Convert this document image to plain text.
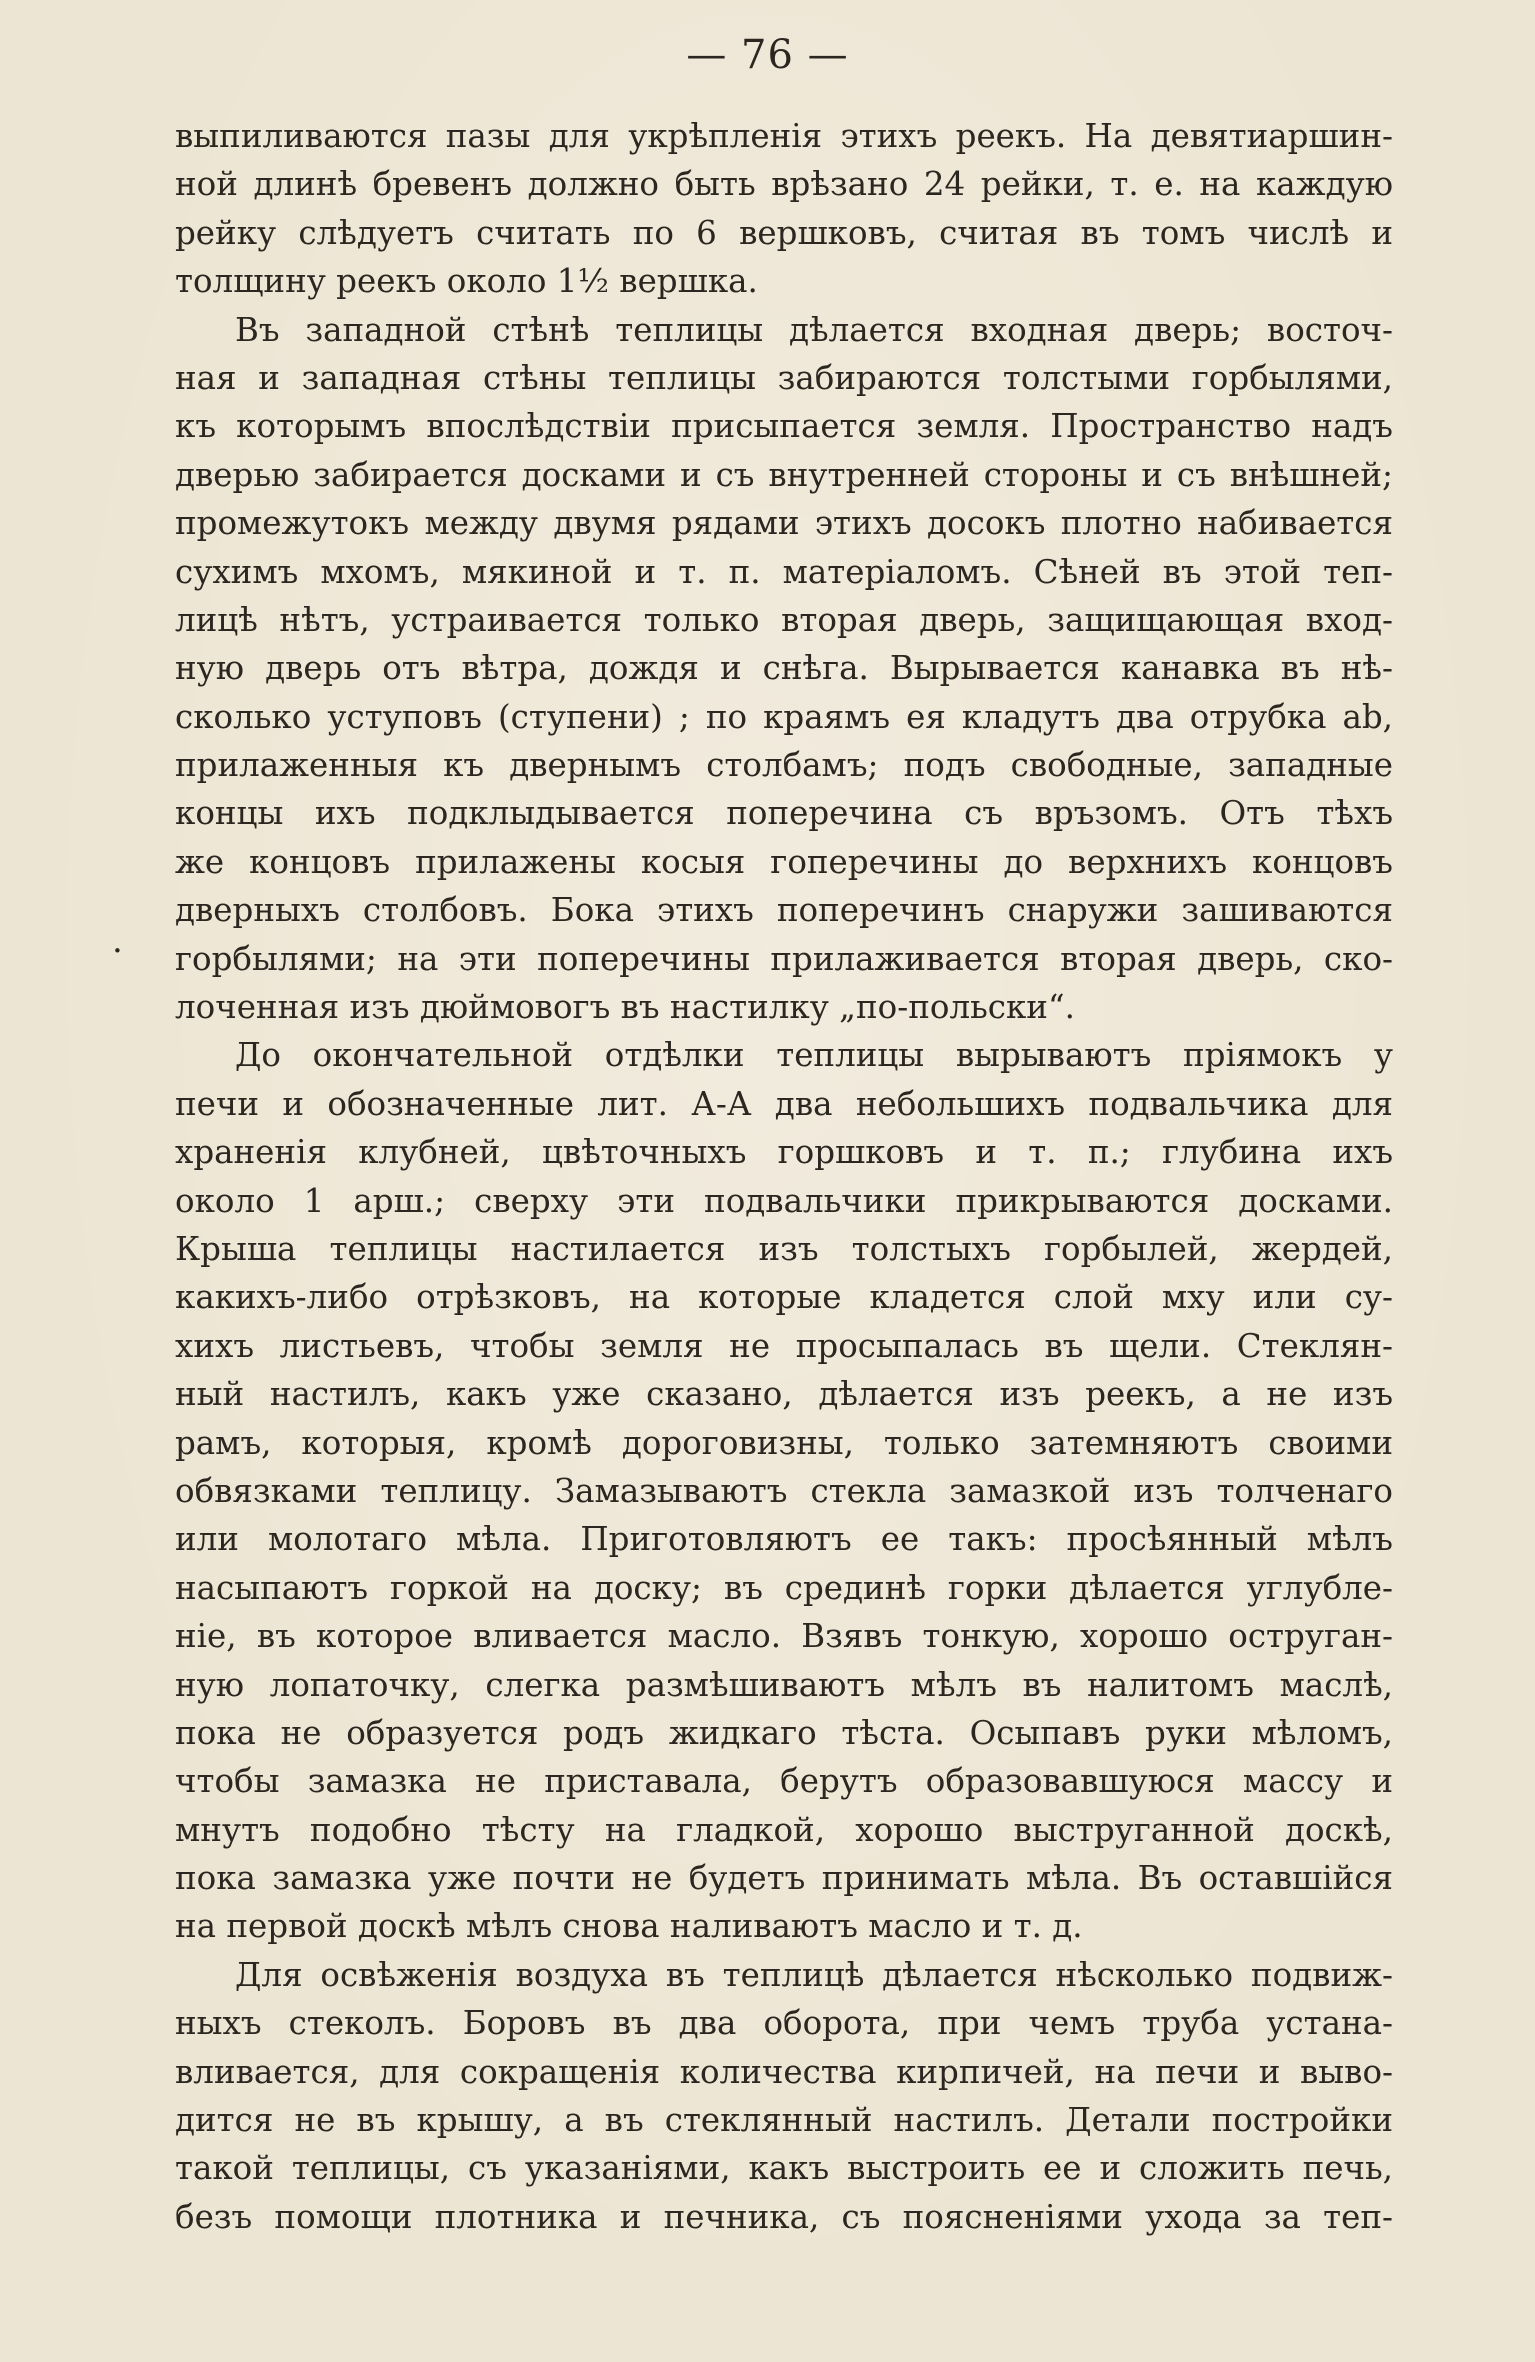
— 76 —
.
выпиливаются пазы для укрѣпленія этихъ реекъ. На девятиаршин-
ной длинѣ бревенъ должно быть врѣзано 24 рейки, т. е. на каждую
рейку слѣдуетъ считать по 6 вершковъ, считая въ томъ числѣ и
толщину реекъ около 1½ вершка.
Въ западной стѣнѣ теплицы дѣлается входная дверь; восточ-
ная и западная стѣны теплицы забираются толстыми горбылями,
къ которымъ впослѣдствіи присыпается земля. Пространство надъ
дверью забирается досками и съ внутренней стороны и съ внѣшней;
промежутокъ между двумя рядами этихъ досокъ плотно набивается
сухимъ мхомъ, мякиной и т. п. матеріаломъ. Сѣней въ этой теп-
лицѣ нѣтъ, устраивается только вторая дверь, защищающая вход-
ную дверь отъ вѣтра, дождя и снѣга. Вырывается канавка въ нѣ-
сколько уступовъ (ступени) ; по краямъ ея кладутъ два отрубка аb,
прилаженныя къ двернымъ столбамъ; подъ свободные, западные
концы ихъ подклыдывается поперечина съ връзомъ. Отъ тѣхъ
же концовъ прилажены косыя гоперечины до верхнихъ концовъ
дверныхъ столбовъ. Бока этихъ поперечинъ снаружи зашиваются
горбылями; на эти поперечины прилаживается вторая дверь, ско-
лоченная изъ дюймовогъ въ настилку „по-польски“.
До окончательной отдѣлки теплицы вырываютъ пріямокъ у
печи и обозначенные лит. А-А два небольшихъ подвальчика для
храненія клубней, цвѣточныхъ горшковъ и т. п.; глубина ихъ
около 1 арш.; сверху эти подвальчики прикрываются досками.
Крыша теплицы настилается изъ толстыхъ горбылей, жердей,
какихъ-либо отрѣзковъ, на которые кладется слой мху или су-
хихъ листьевъ, чтобы земля не просыпалась въ щели. Стеклян-
ный настилъ, какъ уже сказано, дѣлается изъ реекъ, а не изъ
рамъ, которыя, кромѣ дороговизны, только затемняютъ своими
обвязками теплицу. Замазываютъ стекла замазкой изъ толченаго
или молотаго мѣла. Приготовляютъ ее такъ: просѣянный мѣлъ
насыпаютъ горкой на доску; въ срединѣ горки дѣлается углубле-
ніе, въ которое вливается масло. Взявъ тонкую, хорошо оструган-
ную лопаточку, слегка размѣшиваютъ мѣлъ въ налитомъ маслѣ,
пока не образуется родъ жидкаго тѣста. Осыпавъ руки мѣломъ,
чтобы замазка не приставала, берутъ образовавшуюся массу и
мнутъ подобно тѣсту на гладкой, хорошо выструганной доскѣ,
пока замазка уже почти не будетъ принимать мѣла. Въ оставшійся
на первой доскѣ мѣлъ снова наливаютъ масло и т. д.
Для освѣженія воздуха въ теплицѣ дѣлается нѣсколько подвиж-
ныхъ стеколъ. Боровъ въ два оборота, при чемъ труба устана-
вливается, для сокращенія количества кирпичей, на печи и выво-
дится не въ крышу, а въ стеклянный настилъ. Детали постройки
такой теплицы, съ указаніями, какъ выстроить ее и сложить печь,
безъ помощи плотника и печника, съ поясненіями ухода за теп-
